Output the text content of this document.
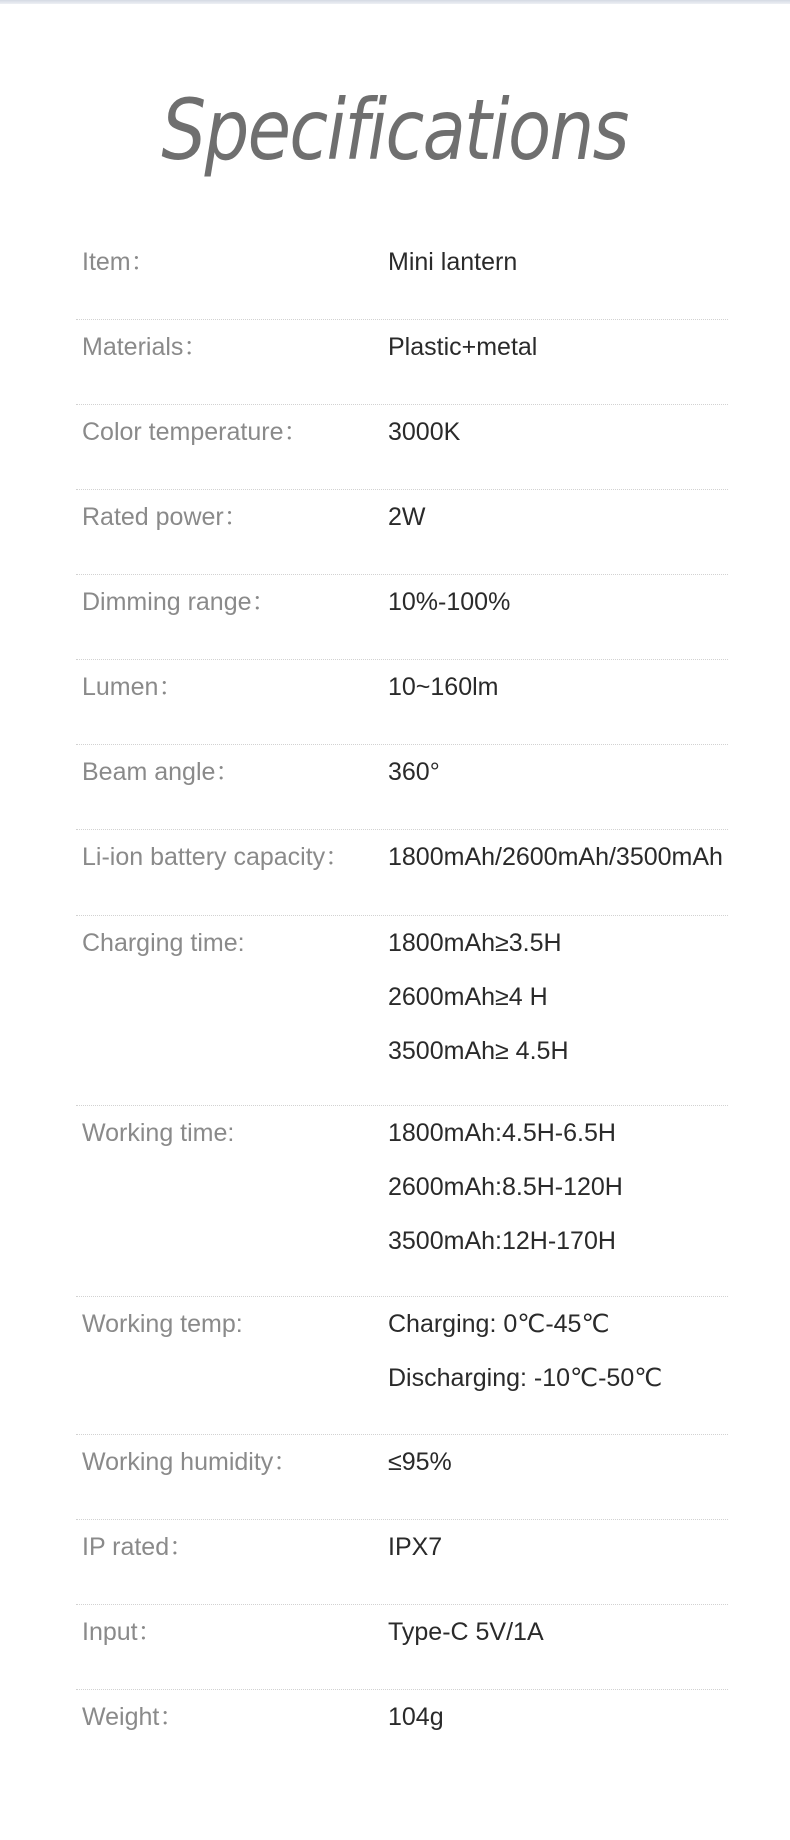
Specifications
Item：	Mini lantern
Materials：	Plastic+metal
Color temperature：	3000K
Rated power：	2W
Dimming range：	10%-100%
Lumen：	10~160lm
Beam angle：	360°
Li-ion battery capacity： 1800mAh/2600mAh/3500mAh
Charging time:	1800mAh≥3.5H
2600mAh≥4 H
3500mAh≥ 4.5H
Working time:	1800mAh:4.5H-6.5H
2600mAh:8.5H-120H
3500mAh:12H-170H
Working temp:	Charging: 0℃-45℃
Discharging: -10℃-50℃
Working humidity：	≤95%
IP rated：	IPX7
Input：	Type-C 5V/1A
Weight：	104g
